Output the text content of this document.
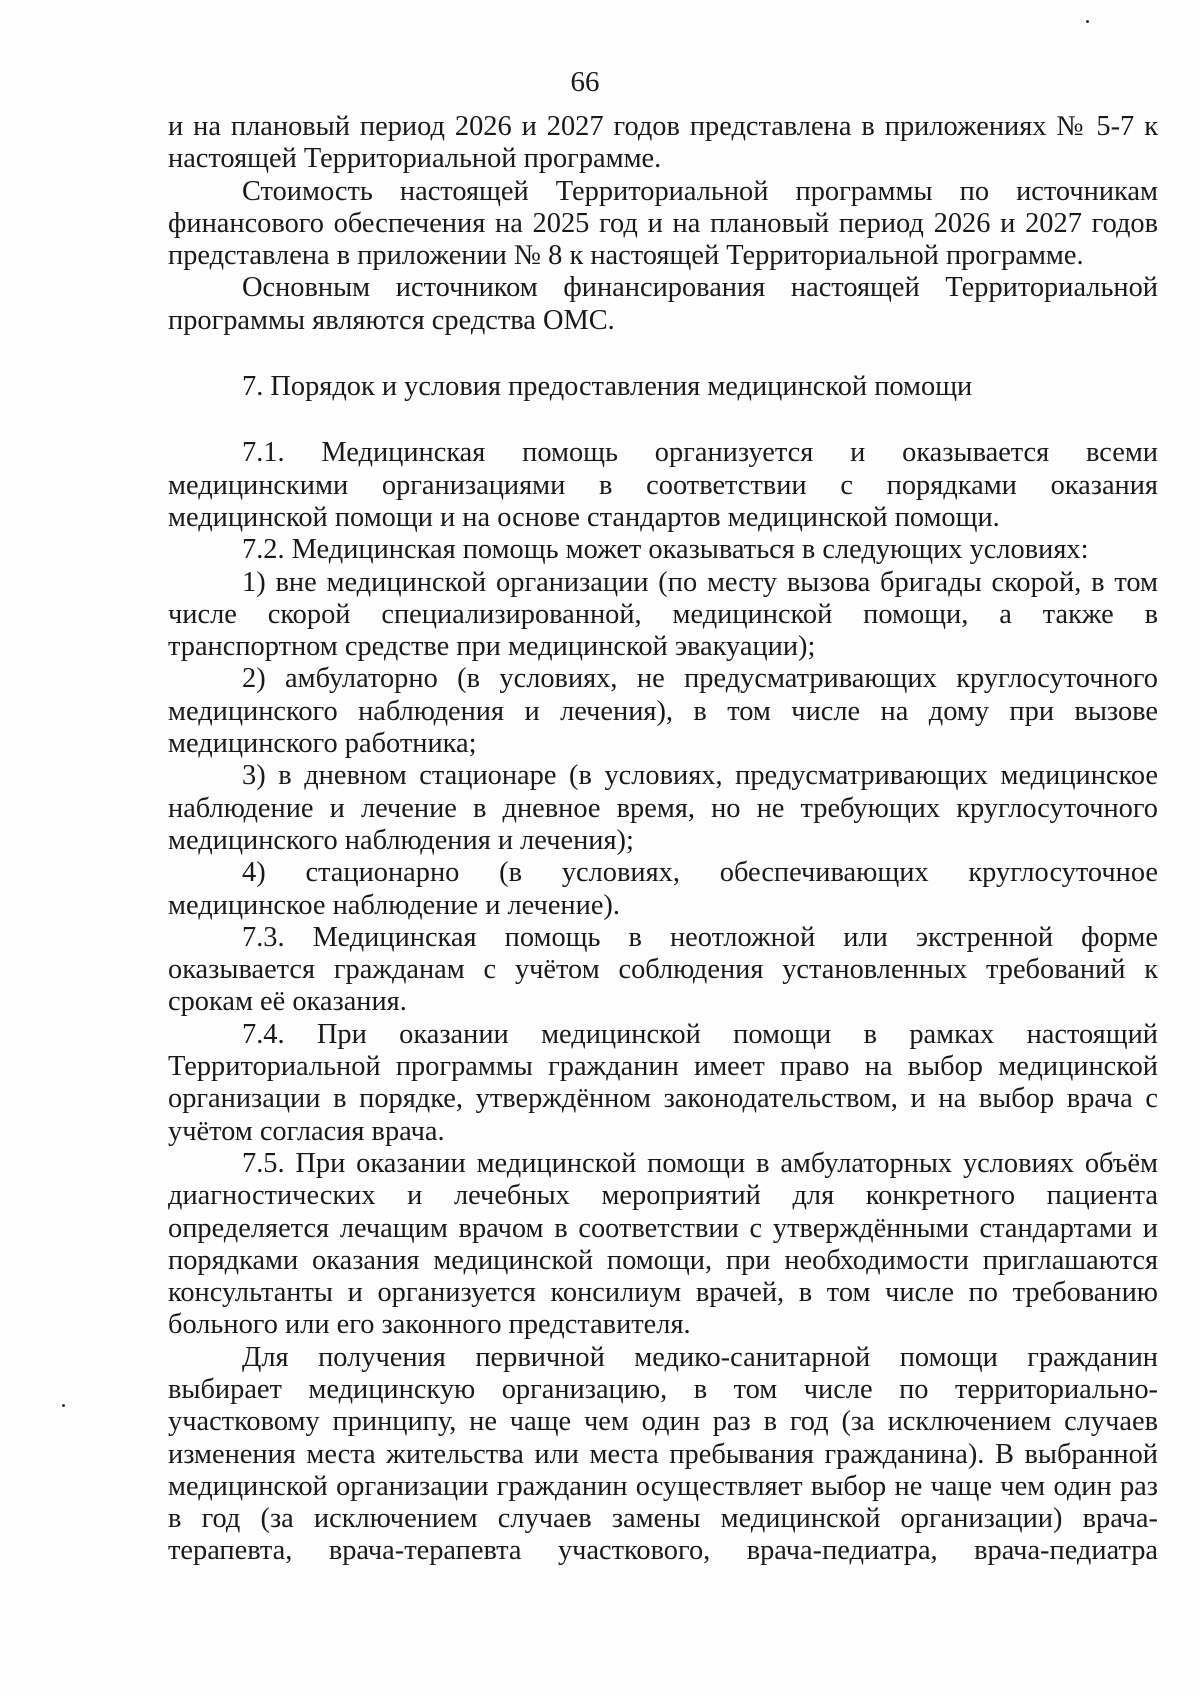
66

и на плановый период 2026 и 2027 годов представлена в приложениях № 5-7 к настоящей Территориальной программе.

Стоимость настоящей Территориальной программы по источникам финансового обеспечения на 2025 год и на плановый период 2026 и 2027 годов представлена в приложении № 8 к настоящей Территориальной программе.

Основным источником финансирования настоящей Территориальной программы являются средства ОМС.

7. Порядок и условия предоставления медицинской помощи

7.1. Медицинская помощь организуется и оказывается всеми медицинскими организациями в соответствии с порядками оказания медицинской помощи и на основе стандартов медицинской помощи.

7.2. Медицинская помощь может оказываться в следующих условиях:

1) вне медицинской организации (по месту вызова бригады скорой, в том числе скорой специализированной, медицинской помощи, а также в транспортном средстве при медицинской эвакуации);

2) амбулаторно (в условиях, не предусматривающих круглосуточного медицинского наблюдения и лечения), в том числе на дому при вызове медицинского работника;

3) в дневном стационаре (в условиях, предусматривающих медицинское наблюдение и лечение в дневное время, но не требующих круглосуточного медицинского наблюдения и лечения);

4) стационарно (в условиях, обеспечивающих круглосуточное медицинское наблюдение и лечение).

7.3. Медицинская помощь в неотложной или экстренной форме оказывается гражданам с учётом соблюдения установленных требований к срокам её оказания.

7.4. При оказании медицинской помощи в рамках настоящий Территориальной программы гражданин имеет право на выбор медицинской организации в порядке, утверждённом законодательством, и на выбор врача с учётом согласия врача.

7.5. При оказании медицинской помощи в амбулаторных условиях объём диагностических и лечебных мероприятий для конкретного пациента определяется лечащим врачом в соответствии с утверждёнными стандартами и порядками оказания медицинской помощи, при необходимости приглашаются консультанты и организуется консилиум врачей, в том числе по требованию больного или его законного представителя.

Для получения первичной медико-санитарной помощи гражданин выбирает медицинскую организацию, в том числе по территориально-участковому принципу, не чаще чем один раз в год (за исключением случаев изменения места жительства или места пребывания гражданина). В выбранной медицинской организации гражданин осуществляет выбор не чаще чем один раз в год (за исключением случаев замены медицинской организации) врача-терапевта, врача-терапевта участкового, врача-педиатра, врача-педиатра
